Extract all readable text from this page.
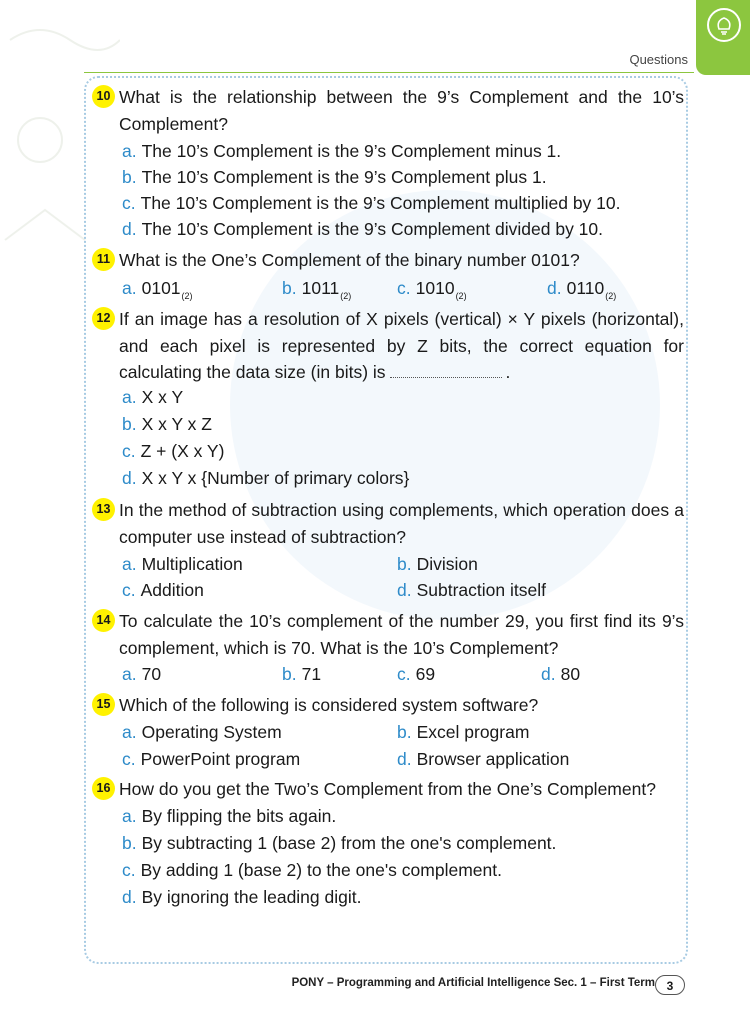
Questions
10 What is the relationship between the 9’s Complement and the 10’s Complement?
a. The 10’s Complement is the 9’s Complement minus 1.
b. The 10’s Complement is the 9’s Complement plus 1.
c. The 10’s Complement is the 9’s Complement multiplied by 10.
d. The 10’s Complement is the 9’s Complement divided by 10.
11 What is the One’s Complement of the binary number 0101?
a. $0101_{(2)}$	b. $1011_{(2)}$	c. $1010_{(2)}$	d. $0110_{(2)}$
12 If an image has a resolution of X pixels (vertical) × Y pixels (horizontal), and each pixel is represented by Z bits, the correct equation for calculating the data size (in bits) is	.
a. X x Y
b. X x Y x Z
c. Z + (X x Y)
d. X x Y x {Number of primary colors}
13 In the method of subtraction using complements, which operation does a computer use instead of subtraction?
a. Multiplication	b. Division
c. Addition	d. Subtraction itself
14 To calculate the 10’s complement of the number 29, you first find its 9’s complement, which is 70. What is the 10’s Complement?
a. 70	b. 71	c. 69	d. 80
15 Which of the following is considered system software?
a. Operating System	b. Excel program
c. PowerPoint program	d. Browser application
16 How do you get the Two’s Complement from the One’s Complement?
a. By flipping the bits again.
b. By subtracting 1 (base 2) from the one's complement.
c. By adding 1 (base 2) to the one's complement.
d. By ignoring the leading digit.
PONY – Programming and Artificial Intelligence Sec. 1 – First Term 3
